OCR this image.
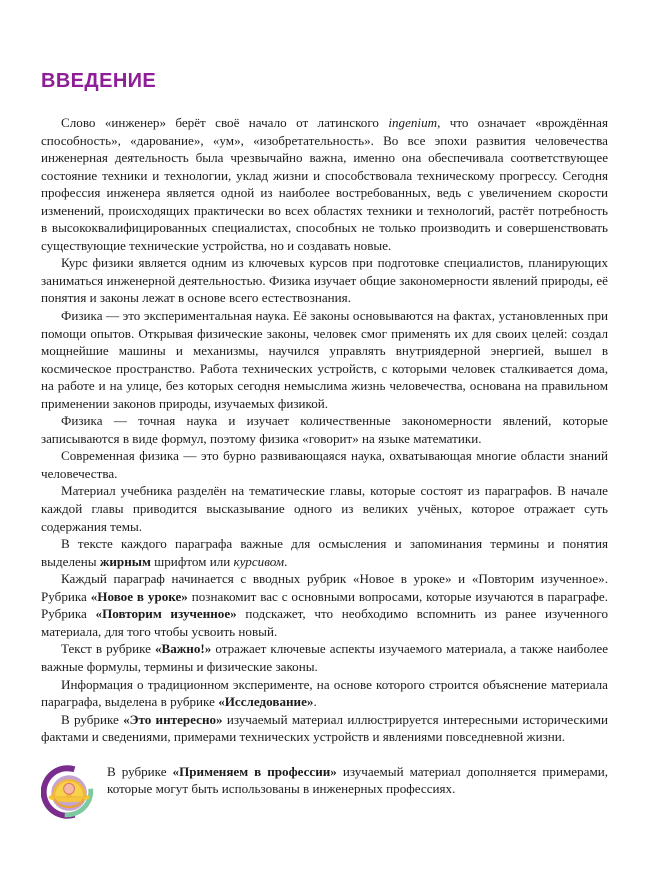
ВВЕДЕНИЕ
Слово «инженер» берёт своё начало от латинского ingenium, что означает «врождённая способность», «дарование», «ум», «изобретательность». Во все эпохи развития человечества инженерная деятельность была чрезвычайно важна, именно она обеспечивала соответствующее состояние техники и технологии, уклад жизни и способствовала техническому прогрессу. Сегодня профессия инженера является одной из наиболее востребованных, ведь с увеличением скорости изменений, происходящих практически во всех областях техники и технологий, растёт потребность в высококвалифицированных специалистах, способных не только производить и совершенствовать существующие технические устройства, но и создавать новые.
Курс физики является одним из ключевых курсов при подготовке специалистов, планирующих заниматься инженерной деятельностью. Физика изучает общие закономерности явлений природы, её понятия и законы лежат в основе всего естествознания.
Физика — это экспериментальная наука. Её законы основываются на фактах, установленных при помощи опытов. Открывая физические законы, человек смог применять их для своих целей: создал мощнейшие машины и механизмы, научился управлять внутриядерной энергией, вышел в космическое пространство. Работа технических устройств, с которыми человек сталкивается дома, на работе и на улице, без которых сегодня немыслима жизнь человечества, основана на правильном применении законов природы, изучаемых физикой.
Физика — точная наука и изучает количественные закономерности явлений, которые записываются в виде формул, поэтому физика «говорит» на языке математики.
Современная физика — это бурно развивающаяся наука, охватывающая многие области знаний человечества.
Материал учебника разделён на тематические главы, которые состоят из параграфов. В начале каждой главы приводится высказывание одного из великих учёных, которое отражает суть содержания темы.
В тексте каждого параграфа важные для осмысления и запоминания термины и понятия выделены жирным шрифтом или курсивом.
Каждый параграф начинается с вводных рубрик «Новое в уроке» и «Повторим изученное». Рубрика «Новое в уроке» познакомит вас с основными вопросами, которые изучаются в параграфе. Рубрика «Повторим изученное» подскажет, что необходимо вспомнить из ранее изученного материала, для того чтобы усвоить новый.
Текст в рубрике «Важно!» отражает ключевые аспекты изучаемого материала, а также наиболее важные формулы, термины и физические законы.
Информация о традиционном эксперименте, на основе которого строится объяснение материала параграфа, выделена в рубрике «Исследование».
В рубрике «Это интересно» изучаемый материал иллюстрируется интересными историческими фактами и сведениями, примерами технических устройств и явлениями повседневной жизни.

В рубрике «Применяем в профессии» изучаемый материал дополняется примерами, которые могут быть использованы в инженерных профессиях.
